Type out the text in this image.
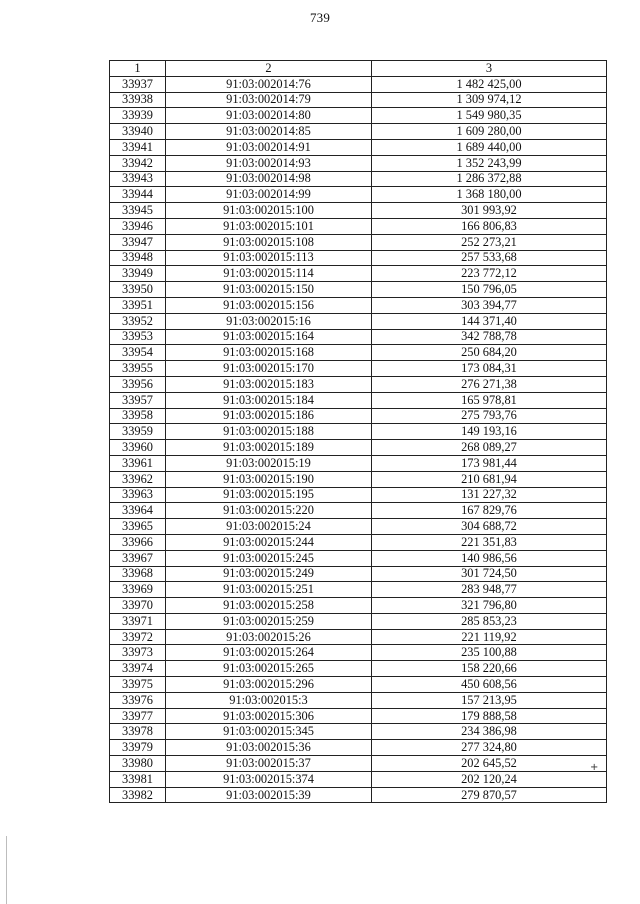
739
1	2	3
33937	91:03:002014:76	1 482 425,00
33938	91:03:002014:79	1 309 974,12
33939	91:03:002014:80	1 549 980,35
33940	91:03:002014:85	1 609 280,00
33941	91:03:002014:91	1 689 440,00
33942	91:03:002014:93	1 352 243,99
33943	91:03:002014:98	1 286 372,88
33944	91:03:002014:99	1 368 180,00
33945	91:03:002015:100	301 993,92
33946	91:03:002015:101	166 806,83
33947	91:03:002015:108	252 273,21
33948	91:03:002015:113	257 533,68
33949	91:03:002015:114	223 772,12
33950	91:03:002015:150	150 796,05
33951	91:03:002015:156	303 394,77
33952	91:03:002015:16	144 371,40
33953	91:03:002015:164	342 788,78
33954	91:03:002015:168	250 684,20
33955	91:03:002015:170	173 084,31
33956	91:03:002015:183	276 271,38
33957	91:03:002015:184	165 978,81
33958	91:03:002015:186	275 793,76
33959	91:03:002015:188	149 193,16
33960	91:03:002015:189	268 089,27
33961	91:03:002015:19	173 981,44
33962	91:03:002015:190	210 681,94
33963	91:03:002015:195	131 227,32
33964	91:03:002015:220	167 829,76
33965	91:03:002015:24	304 688,72
33966	91:03:002015:244	221 351,83
33967	91:03:002015:245	140 986,56
33968	91:03:002015:249	301 724,50
33969	91:03:002015:251	283 948,77
33970	91:03:002015:258	321 796,80
33971	91:03:002015:259	285 853,23
33972	91:03:002015:26	221 119,92
33973	91:03:002015:264	235 100,88
33974	91:03:002015:265	158 220,66
33975	91:03:002015:296	450 608,56
33976	91:03:002015:3	157 213,95
33977	91:03:002015:306	179 888,58
33978	91:03:002015:345	234 386,98
33979	91:03:002015:36	277 324,80
33980	91:03:002015:37	202 645,52
33981	91:03:002015:374	202 120,24
33982	91:03:002015:39	279 870,57
+
